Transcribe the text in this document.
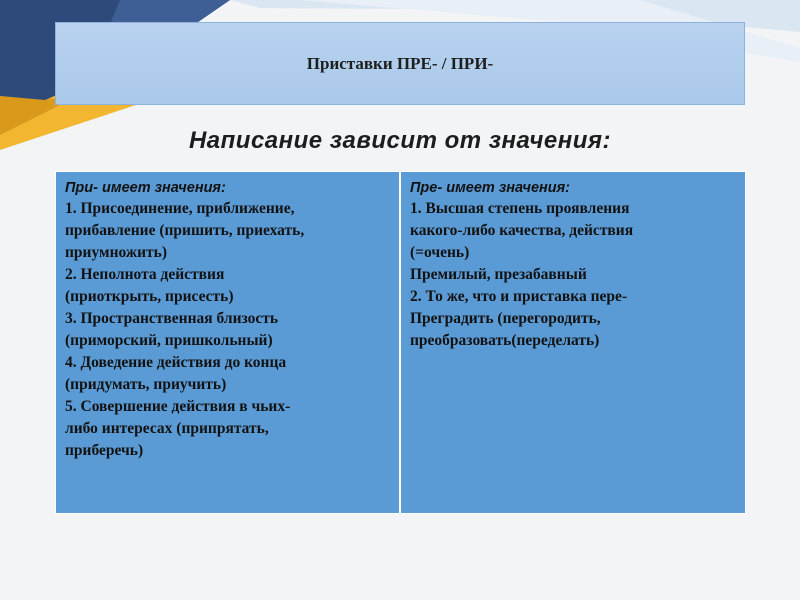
Приставки ПРЕ- / ПРИ-
Написание зависит от значения:
При- имеет значения:
1. Присоединение, приближение,
прибавление (пришить, приехать,
приумножить)
2. Неполнота действия
(приоткрыть, присесть)
3. Пространственная близость
(приморский, пришкольный)
4. Доведение действия до конца
(придумать, приучить)
5. Совершение действия в чьих-
либо интересах (припрятать,
приберечь)
Пре- имеет значения:
1. Высшая степень проявления
какого-либо качества, действия
(=очень)
Премилый, презабавный
2. То же, что и приставка пере-
Преградить (перегородить,
преобразовать(переделать)
